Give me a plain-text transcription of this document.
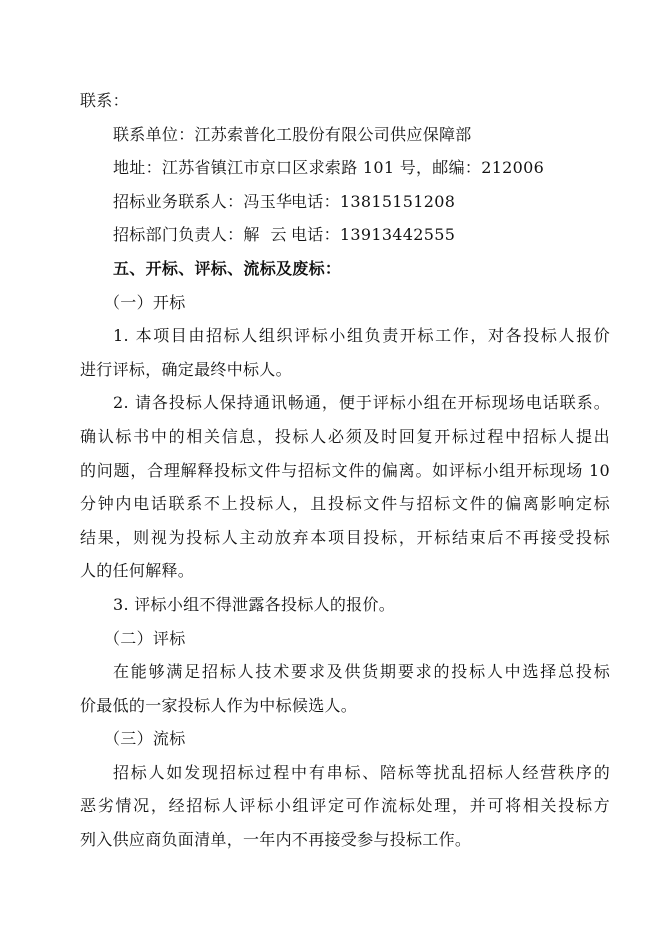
联系：
联系单位：江苏索普化工股份有限公司供应保障部
地址：江苏省镇江市京口区求索路 101 号，邮编：212006
招标业务联系人：冯玉华
电话：13815151208
招标部门负责人：解  云 电话：13913442555
五、开标、评标、流标及废标：
（一）开标
1. 本项目由招标人组织评标小组负责开标工作，对各投标人报价
进行评标，确定最终中标人。
2. 请各投标人保持通讯畅通，便于评标小组在开标现场电话联系。
确认标书中的相关信息，投标人必须及时回复开标过程中招标人提出
的问题，合理解释投标文件与招标文件的偏离。如评标小组开标现场 10
分钟内电话联系不上投标人，且投标文件与招标文件的偏离影响定标
结果，则视为投标人主动放弃本项目投标，开标结束后不再接受投标
人的任何解释。
3. 评标小组不得泄露各投标人的报价。
（二）评标
在能够满足招标人技术要求及供货期要求的投标人中选择总投标
价最低的一家投标人作为中标候选人。
（三）流标
招标人如发现招标过程中有串标、陪标等扰乱招标人经营秩序的
恶劣情况，经招标人评标小组评定可作流标处理，并可将相关投标方
列入供应商负面清单，一年内不再接受参与投标工作。
